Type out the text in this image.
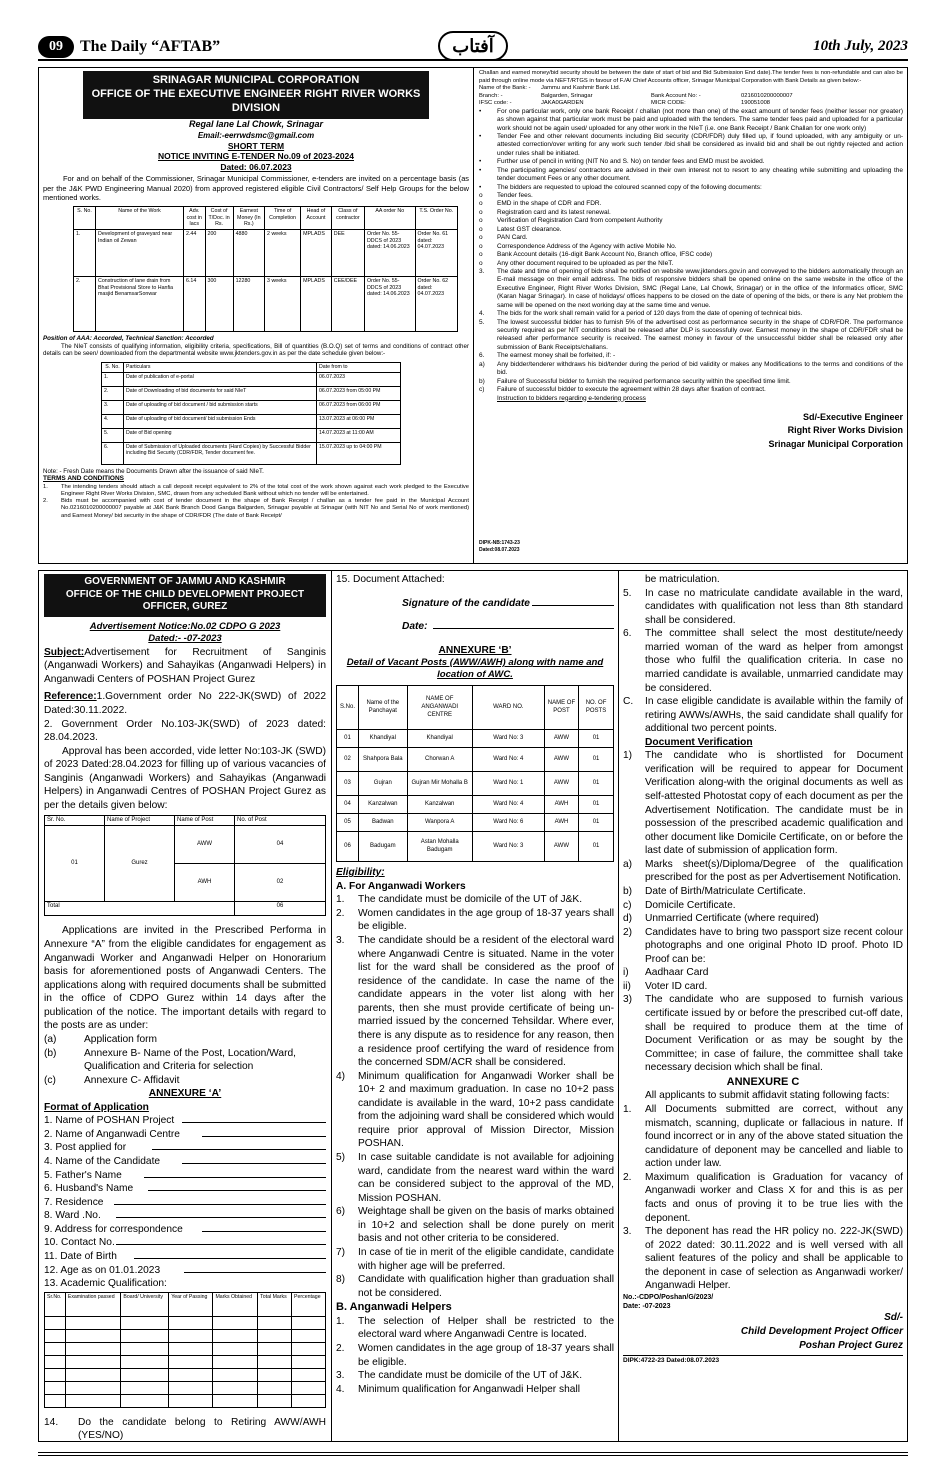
09	The Daily “AFTAB”	آفتاب	10th July, 2023
SRINAGAR MUNICIPAL CORPORATION
OFFICE OF THE EXECUTIVE ENGINEER RIGHT RIVER WORKS DIVISION
Regal lane Lal Chowk, Srinagar
Email:-eerrwdsmc@gmail.com
SHORT TERM
NOTICE INVITING E-TENDER No.09 of 2023-2024
Dated: 06.07.2023
For and on behalf of the Commissioner, Srinagar Municipal Commissioner, e-tenders are invited on a percentage basis (as per the J&K PWD Engineering Manual 2020) from approved registered eligible Civil Contractors/ Self Help Groups for the below mentioned works.
S. No.	Name of the Work	Adv. cost in lacs	Cost of T/Doc. in Rs.	Earnest Money (In Rs.)	Time of Completion	Head of Account	Class of contractor	AA order No	T.S. Order No.
1.	Development of graveyard near Indian oil Zewan	2.44	200	4880	2 weeks	MPLADS	DEE	Order No. 55-DDCS of 2023 dated: 14.06.2023	Order No. 61 dated: 04.07.2023
2.	Construction of lane drain from Bhat Provisional Store to Hanfia masjid BenamsarSonwar	6.14	300	12280	3 weeks	MPLADS	CEE/DEE	Order No. 55-DDCS of 2023 dated: 14.06.2023	Order No. 62 dated: 04.07.2023
Position of AAA: Accorded, Technical Sanction: Accorded
The NIeT consists of qualifying information, eligibility criteria, specifications, Bill of quantities (B.O.Q) set of terms and conditions of contract other details can be seen/ downloaded from the departmental website www.jktenders.gov.in as per the date schedule given below:-
S. No.	Particulars	Date from to
1.	Date of publication of e-portal	06.07.2023
2.	Date of Downloading of bid documents for said NIeT	06.07.2023 from 05:00 PM
3.	Date of uploading of bid document / bid submission starts	06.07.2023 from 06:00 PM
4.	Date of uploading of bid document/ bid submission Ends	13.07.2023 at 06:00 PM
5.	Date of Bid opening	14.07.2023 at 11:00 AM
6.	Date of Submission of Uploaded documents (Hard Copies) by Successful Bidder including Bid Security (CDR/FDR, Tender document fee.	15.07.2023 up to 04:00 PM
Note: - Fresh Date means the Documents Drawn after the issuance of said NIeT.
TERMS AND CONDITIONS
1.	The intending tenders should attach a call deposit receipt equivalent to 2% of the total cost of the work shown against each work pledged to the Executive Engineer Right River Works Division, SMC, drawn from any scheduled Bank without which no tender will be entertained.
2.	Bids must be accompanied with cost of tender document in the shape of Bank Receipt / challan as a tender fee paid in the Municipal Account No.0216010200000007 payable at J&K Bank Branch Dood Ganga Balgarden, Srinagar payable at Srinagar (with NIT No and Serial No of work mentioned) and Earnest Money/ bid security in the shape of CDR/FDR (The date of Bank Receipt/
Challan and earned money/bid security should be between the date of start of bid and Bid Submission End date).The tender fees is non-refundable and can also be paid through online mode via NEFT/RTGS in favour of F./A/ Chief Accounts officer, Srinagar Municipal Corporation with Bank Details as given below:-
Name of the Bank: -	Jammu and Kashmir Bank Ltd.
Branch: -	Balgarden, Srinagar	Bank Account No: -	0216010200000007
IFSC code: -	JAKA0GARDEN	MICR CODE:	190051008
•	For one particular work, only one bank Receipt / challan (not more than one) of the exact amount of tender fees (neither lesser nor greater) as shown against that particular work must be paid and uploaded with the tenders. The same tender fees paid and uploaded for a particular work should not be again used/ uploaded for any other work in the NIeT (i.e. one Bank Receipt / Bank Challan for one work only)
•	Tender Fee and other relevant documents including Bid security (CDR/FDR) duly filled up, if found uploaded, with any ambiguity or un-attested correction/over writing for any work such tender /bid shall be considered as invalid bid and shall be out rightly rejected and action under rules shall be initiated.
•	Further use of pencil in writing (NIT No and S. No) on tender fees and EMD must be avoided.
•	The participating agencies/ contractors are advised in their own interest not to resort to any cheating while submitting and uploading the tender document Fees or any other document.
•	The bidders are requested to upload the coloured scanned copy of the following documents:
o	Tender fees.
o	EMD in the shape of CDR and FDR.
o	Registration card and its latest renewal.
o	Verification of Registration Card from competent Authority
o	Latest GST clearance.
o	PAN Card.
o	Correspondence Address of the Agency with active Mobile No.
o	Bank Account details (16-digit Bank Account No, Branch office, IFSC code)
o	Any other document required to be uploaded as per the NIeT.
3.	The date and time of opening of bids shall be notified on website www.jktenders.gov.in and conveyed to the bidders automatically through an E-mail message on their email address. The bids of responsive bidders shall be opened online on the same website in the office of the Executive Engineer, Right River Works Division, SMC (Regal Lane, Lal Chowk, Srinagar) or in the office of the Informatics officer, SMC (Karan Nagar Srinagar). In case of holidays/ offices happens to be closed on the date of opening of the bids, or there is any Net problem the same will be opened on the next working day at the same time and venue.
4.	The bids for the work shall remain valid for a period of 120 days from the date of opening of technical bids.
5.	The lowest successful bidder has to furnish 5% of the advertised cost as performance security in the shape of CDR/FDR. The performance security required as per NIT conditions shall be released after DLP is successfully over. Earnest money in the shape of CDR/FDR shall be released after performance security is received. The earnest money in favour of the unsuccessful bidder shall be released only after submission of Bank Receipts/challans.
6.	The earnest money shall be forfeited, if: -
a)	Any bidder/tenderer withdraws his bid/tender during the period of bid validity or makes any Modifications to the terms and conditions of the bid.
b)	Failure of Successful bidder to furnish the required performance security within the specified time limit.
c)	Failure of successful bidder to execute the agreement within 28 days after fixation of contract.
Instruction to bidders regarding e-tendering process
Sd/-Executive Engineer
Right River Works Division
Srinagar Municipal Corporation
DIPK-NB:1743-23
Dated:08.07.2023
GOVERNMENT OF JAMMU AND KASHMIR
OFFICE OF THE CHILD DEVELOPMENT PROJECT OFFICER, GUREZ
Advertisement Notice:No.02 CDPO G 2023
Dated:- -07-2023
Subject:Advertisement for Recruitment of Sanginis (Anganwadi Workers) and Sahayikas (Anganwadi Helpers) in Anganwadi Centers of POSHAN Project Gurez
Reference:1.Government order No 222-JK(SWD) of 2022 Dated:30.11.2022.
2. Government Order No.103-JK(SWD) of 2023 dated: 28.04.2023.
Approval has been accorded, vide letter No:103-JK (SWD) of 2023 Dated:28.04.2023 for filling up of various vacancies of Sanginis (Anganwadi Workers) and Sahayikas (Anganwadi Helpers) in Anganwadi Centres of POSHAN Project Gurez as per the details given below:
Sr. No.	Name of Project	Name of Post	No. of Post
01	Gurez	AWW	04
		AWH	02
Total			06
Applications are invited in the Prescribed Performa in Annexure “A” from the eligible candidates for engagement as Anganwadi Worker and Anganwadi Helper on Honorarium basis for aforementioned posts of Anganwadi Centers. The applications along with required documents shall be submitted in the office of CDPO Gurez within 14 days after the publication of the notice. The important details with regard to the posts are as under:
(a)	Application form
(b)	Annexure B- Name of the Post, Location/Ward, Qualification and Criteria for selection
(c)	Annexure C- Affidavit
ANNEXURE ‘A’
Format of Application
1. Name of POSHAN Project
2. Name of Anganwadi Centre
3. Post applied for
4. Name of the Candidate
5. Father's Name
6. Husband's Name
7. Residence
8. Ward .No.
9. Address for correspondence
10. Contact No.
11. Date of Birth
12. Age as on 01.01.2023
13. Academic Qualification:
Sr.No.	Examination passed	Board/ University	Year of Passing	Marks Obtained	Total Marks	Percentage

14.	Do the candidate belong to Retiring AWW/AWH (YES/NO)
15. Document Attached:
Signature of the candidate
Date:
ANNEXURE ‘B’
Detail of Vacant Posts (AWW/AWH) along with name and location of AWC.
S.No.	Name of the Panchayat	NAME OF ANGANWADI CENTRE	WARD NO.	NAME OF POST	NO. OF POSTS
01	Khandiyal	Khandiyal	Ward No: 3	AWW	01
02	Shahpora Bala	Chorwan A	Ward No: 4	AWW	01
03	Gujran	Gujran Mir Mohalla B	Ward No: 1	AWW	01
04	Kanzalwan	Kanzalwan	Ward No: 4	AWH	01
05	Badwan	Wanpora A	Ward No: 6	AWH	01
06	Badugam	Astan Mohalla Badugam	Ward No: 3	AWW	01
Eligibility:
A. For Anganwadi Workers
1.	The candidate must be domicile of the UT of J&K.
2.	Women candidates in the age group of 18-37 years shall be eligible.
3.	The candidate should be a resident of the electoral ward where Anganwadi Centre is situated. Name in the voter list for the ward shall be considered as the proof of residence of the candidate. In case the name of the candidate appears in the voter list along with her parents, then she must provide certificate of being un-married issued by the concerned Tehsildar. Where ever, there is any dispute as to residence for any reason, then a residence proof certifying the ward of residence from the concerned SDM/ACR shall be considered.
4)	Minimum qualification for Anganwadi Worker shall be 10+ 2 and maximum graduation. In case no 10+2 pass candidate is available in the ward, 10+2 pass candidate from the adjoining ward shall be considered which would require prior approval of Mission Director, Mission POSHAN.
5)	In case suitable candidate is not available for adjoining ward, candidate from the nearest ward within the ward can be considered subject to the approval of the MD, Mission POSHAN.
6)	Weightage shall be given on the basis of marks obtained in 10+2 and selection shall be done purely on merit basis and not other criteria to be considered.
7)	In case of tie in merit of the eligible candidate, candidate with higher age will be preferred.
8)	Candidate with qualification higher than graduation shall not be considered.
B. Anganwadi Helpers
1.	The selection of Helper shall be restricted to the electoral ward where Anganwadi Centre is located.
2.	Women candidates in the age group of 18-37 years shall be eligible.
3.	The candidate must be domicile of the UT of J&K.
4.	Minimum qualification for Anganwadi Helper shall
be matriculation.
5.	In case no matriculate candidate available in the ward, candidates with qualification not less than 8th standard shall be considered.
6.	The committee shall select the most destitute/needy married woman of the ward as helper from amongst those who fulfil the qualification criteria. In case no married candidate is available, unmarried candidate may be considered.
C.	In case eligible candidate is available within the family of retiring AWWs/AWHs, the said candidate shall qualify for additional two percent points.
Document Verification
1)	The candidate who is shortlisted for Document verification will be required to appear for Document Verification along-with the original documents as well as self-attested Photostat copy of each document as per the Advertisement Notification. The candidate must be in possession of the prescribed academic qualification and other document like Domicile Certificate, on or before the last date of submission of application form.
a)	Marks sheet(s)/Diploma/Degree of the qualification prescribed for the post as per Advertisement Notification.
b)	Date of Birth/Matriculate Certificate.
c)	Domicile Certificate.
d)	Unmarried Certificate (where required)
2)	Candidates have to bring two passport size recent colour photographs and one original Photo ID proof. Photo ID Proof can be:
i)	Aadhaar Card
ii)	Voter ID card.
3)	The candidate who are supposed to furnish various certificate issued by or before the prescribed cut-off date, shall be required to produce them at the time of Document Verification or as may be sought by the Committee; in case of failure, the committee shall take necessary decision which shall be final.
ANNEXURE C
All applicants to submit affidavit stating following facts:
1.	All Documents submitted are correct, without any mismatch, scanning, duplicate or fallacious in nature. If found incorrect or in any of the above stated situation the candidature of deponent may be cancelled and liable to action under law.
2.	Maximum qualification is Graduation for vacancy of Anganwadi worker and Class X for and this is as per facts and onus of proving it to be true lies with the deponent.
3.	The deponent has read the HR policy no. 222-JK(SWD) of 2022 dated: 30.11.2022 and is well versed with all salient features of the policy and shall be applicable to the deponent in case of selection as Anganwadi worker/ Anganwadi Helper.
No.:-CDPO/Poshan/G/2023/
Date: -07-2023
Sd/-
Child Development Project Officer
Poshan Project Gurez
DIPK:4722-23 Dated:08.07.2023
